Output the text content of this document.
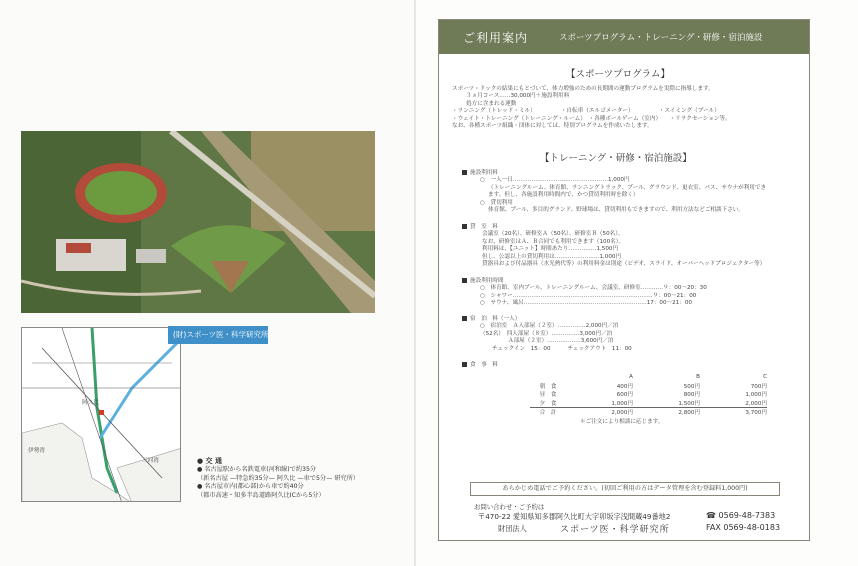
伊勢湾
三河湾
阿久比
(財)スポーツ医・科学研究所
● 交 通
● 名古屋駅から名鉄電車(河和線)で約35分
（新名古屋 —特急約35分— 阿久比 —車で5分— 研究所）
● 名古屋市内(都心部)から車で約40分
（都市高速・知多半島道路阿久比ICから5分）
ご利用案内	スポーツプログラム・トレーニング・研修・宿泊施設
【スポーツプログラム】
スポーツ・ドックの結果にもとづいて、体力増強のための長期間の運動プログラムを実際に指導します。
３ヵ月コース……30,000円＋施設利用料
処方に含まれる運動
・ランニング（トレッド・ミル）　　　　　・自転車（エルゴメーター）　　　　　・スイミング（プール）
・ウェイト・トレーニング（トレーニング・ルーム）　・各種ボールゲーム（室内）　　・リラクセーション等。
なお、各種スポーツ組織・団体に対しては、特別プログラムを作成いたします。
【トレーニング・研修・宿泊施設】
施設利用料
○　一人一日……………………………………………1,000円
（トレーニングルーム、体育館、ランニングトラック、プール、グラウンド、更衣室、バス、サウナが利用でき
ます。但し、各施設利用時間内で、かつ貸切利用時を除く）
○　貸切利用
体育館、プール、多目的グランド、野球場は、貸切利用もできますので、利用方法などご相談下さい。
貸　室　料
会議室（20名）、研修室Ａ（50名）、研修室Ｂ（50名）、
なお、研修室はＡ、Ｂ合同でも利用できます（100名）。
利用料は、【ユニット】時間あたり……………1,500円
但し、公認以上の貸切利用は……………………1,000円
貸器具および付品器具（水光熱代等）の利用料金は別途（ビデオ、スライド、オーバーヘッドプロジェクター等）
施設利用時間
○　体育館、室内プール、トレーニングルーム、会議室、研修室…………９：00〜20：30
○　シャワー…………………………………………………………………９：00〜21：00
○　サウナ、風呂…………………………………………………………17：00〜21：00
宿　泊　料（一人）
○　宿泊室　Ａ人部屋（２室）……………2,000円／泊
（52名）　四人部屋（８室）……………3,000円／泊
　　　　　Ａ部屋（２室）………………3,600円／泊
チェックイン　15：00　　　チェックアウト　11：00
食　事　料
	A	B	C
朝　食	400円	500円	700円
昼　食	600円	800円	1,000円
夕　食	1,000円	1,500円	2,000円
合　計	2,000円	2,800円	3,700円
＊ご注文により相談に応じます。
あらかじめ電話でご予約ください。(初回ご利用の方はデータ管理を含む登録料1,000円)
お問い合わせ・ご予約は
〒470-22 愛知県知多郡阿久比町大字卯坂字浅間蔵49番地2
財団法人	スポーツ医・科学研究所
☎ 0569-48-7383
FAX 0569-48-0183
